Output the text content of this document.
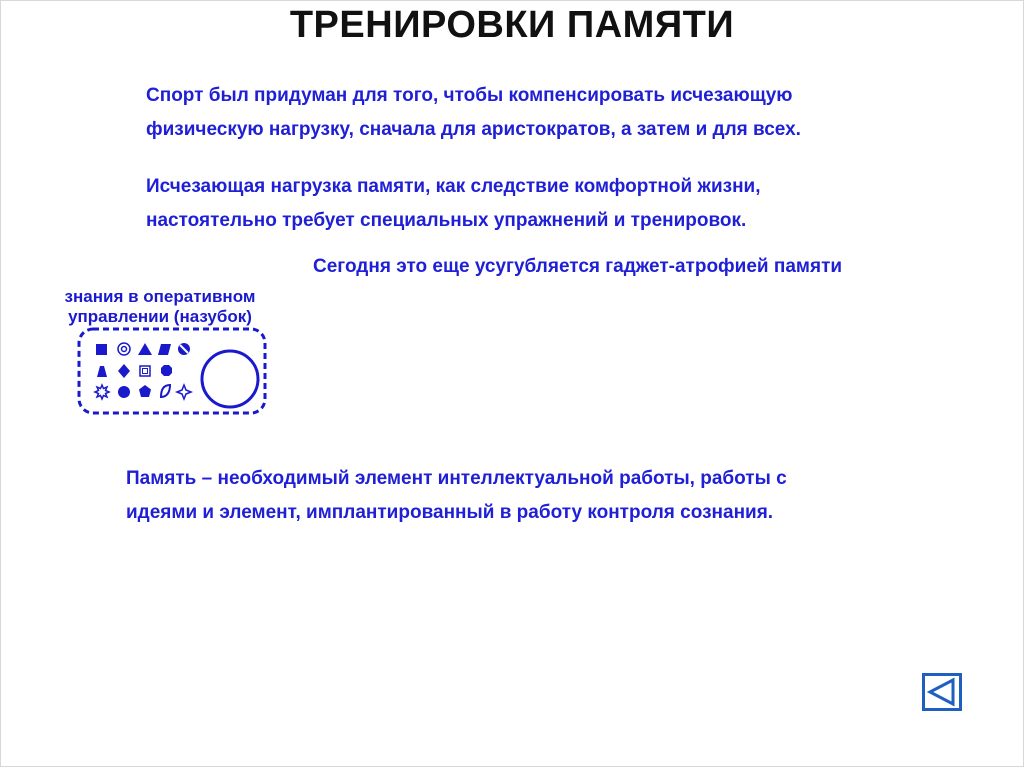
ТРЕНИРОВКИ ПАМЯТИ

Спорт был придуман для того, чтобы компенсировать исчезающую
физическую нагрузку, сначала для аристократов, а затем и для всех.

Исчезающая нагрузка памяти, как следствие комфортной жизни,
настоятельно требует специальных упражнений и тренировок.

Сегодня это еще усугубляется гаджет-атрофией памяти

знания в оперативном
управлении (назубок)

Память – необходимый элемент интеллектуальной работы, работы с
идеями и элемент, имплантированный в работу контроля сознания.
